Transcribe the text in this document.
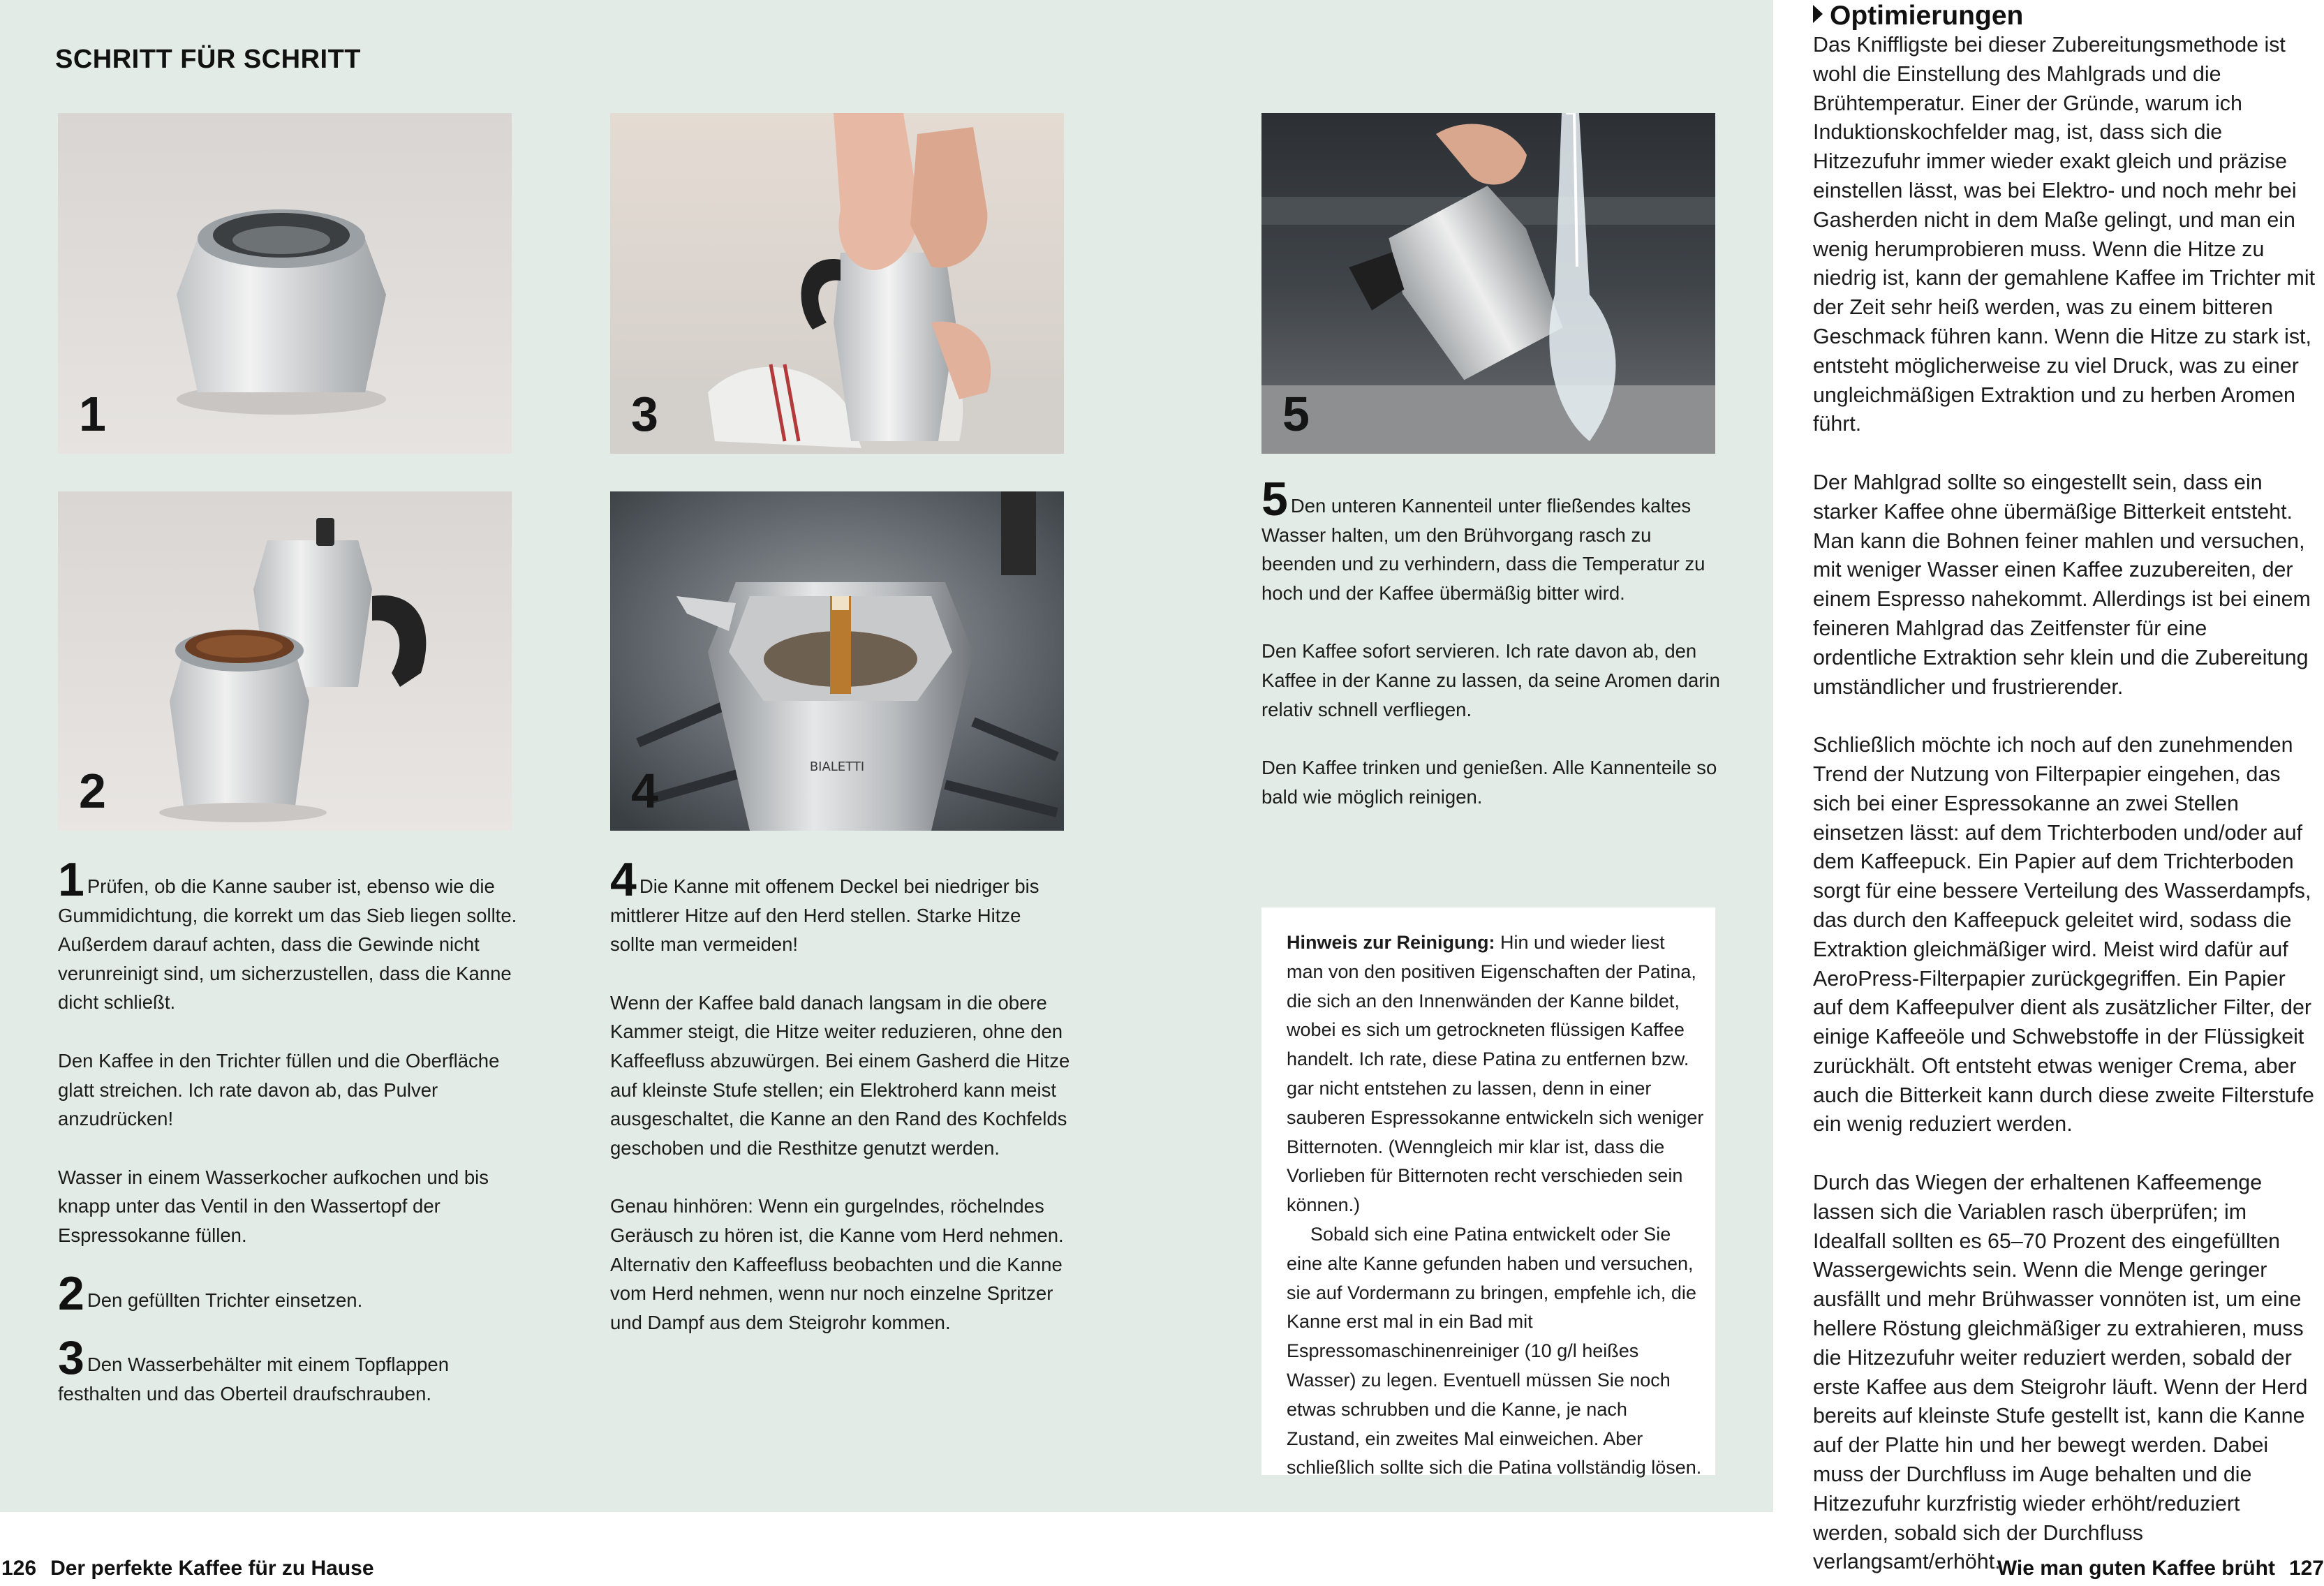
SCHRITT FÜR SCHRITT
1
2
3
BIALETTI
4
5
1 Prüfen, ob die Kanne sauber ist, ebenso wie die Gummidichtung, die korrekt um das Sieb liegen sollte. Außerdem darauf achten, dass die Gewinde nicht verunreinigt sind, um sicherzustellen, dass die Kanne dicht schließt.

Den Kaffee in den Trichter füllen und die Oberfläche glatt streichen. Ich rate davon ab, das Pulver anzudrücken!

Wasser in einem Wasserkocher aufkochen und bis knapp unter das Ventil in den Wassertopf der Espressokanne füllen.

2 Den gefüllten Trichter einsetzen.
3 Den Wasserbehälter mit einem Topflappen festhalten und das Oberteil draufschrauben.
4 Die Kanne mit offenem Deckel bei niedriger bis mittlerer Hitze auf den Herd stellen. Starke Hitze sollte man vermeiden!

Wenn der Kaffee bald danach langsam in die obere Kammer steigt, die Hitze weiter reduzieren, ohne den Kaffeefluss abzuwürgen. Bei einem Gasherd die Hitze auf kleinste Stufe stellen; ein Elektroherd kann meist ausgeschaltet, die Kanne an den Rand des Kochfelds geschoben und die Resthitze genutzt werden.

Genau hinhören: Wenn ein gurgelndes, röchelndes Geräusch zu hören ist, die Kanne vom Herd nehmen. Alternativ den Kaffeefluss beobachten und die Kanne vom Herd nehmen, wenn nur noch einzelne Spritzer und Dampf aus dem Steigrohr kommen.

5 Den unteren Kannenteil unter fließendes kaltes Wasser halten, um den Brühvorgang rasch zu beenden und zu verhindern, dass die Temperatur zu hoch und der Kaffee übermäßig bitter wird.

Den Kaffee sofort servieren. Ich rate davon ab, den Kaffee in der Kanne zu lassen, da seine Aromen darin relativ schnell verfliegen.

Den Kaffee trinken und genießen. Alle Kannenteile so bald wie möglich reinigen.

Hinweis zur Reinigung: Hin und wieder liest man von den positiven Eigenschaften der Patina, die sich an den Innenwänden der Kanne bildet, wobei es sich um getrockneten flüssigen Kaffee handelt. Ich rate, diese Patina zu entfernen bzw. gar nicht entstehen zu lassen, denn in einer sauberen Espressokanne entwickeln sich weniger Bitternoten. (Wenngleich mir klar ist, dass die Vorlieben für Bitternoten recht verschieden sein können.)
Sobald sich eine Patina entwickelt oder Sie eine alte Kanne gefunden haben und versuchen, sie auf Vordermann zu bringen, empfehle ich, die Kanne erst mal in ein Bad mit Espressomaschinenreiniger (10 g/l heißes Wasser) zu legen. Eventuell müssen Sie noch etwas schrubben und die Kanne, je nach Zustand, ein zweites Mal einweichen. Aber schließlich sollte sich die Patina vollständig lösen.
Optimierungen

Das Kniffligste bei dieser Zubereitungsmethode ist wohl die Einstellung des Mahlgrads und die Brühtemperatur. Einer der Gründe, warum ich Induktionskochfelder mag, ist, dass sich die Hitzezufuhr immer wieder exakt gleich und präzise einstellen lässt, was bei Elektro- und noch mehr bei Gasherden nicht in dem Maße gelingt, und man ein wenig herumprobieren muss. Wenn die Hitze zu niedrig ist, kann der gemahlene Kaffee im Trichter mit der Zeit sehr heiß werden, was zu einem bitteren Geschmack führen kann. Wenn die Hitze zu stark ist, entsteht möglicherweise zu viel Druck, was zu einer ungleichmäßigen Extraktion und zu herben Aromen führt.

Der Mahlgrad sollte so eingestellt sein, dass ein starker Kaffee ohne übermäßige Bitterkeit entsteht. Man kann die Bohnen feiner mahlen und versuchen, mit weniger Wasser einen Kaffee zuzubereiten, der einem Espresso nahekommt. Allerdings ist bei einem feineren Mahlgrad das Zeitfenster für eine ordentliche Extraktion sehr klein und die Zubereitung umständlicher und frustrierender.

Schließlich möchte ich noch auf den zunehmenden Trend der Nutzung von Filterpapier eingehen, das sich bei einer Espressokanne an zwei Stellen einsetzen lässt: auf dem Trichterboden und/oder auf dem Kaffeepuck. Ein Papier auf dem Trichterboden sorgt für eine bessere Verteilung des Wasserdampfs, das durch den Kaffeepuck geleitet wird, sodass die Extraktion gleichmäßiger wird. Meist wird dafür auf AeroPress-Filterpapier zurückgegriffen. Ein Papier auf dem Kaffeepulver dient als zusätzlicher Filter, der einige Kaffeeöle und Schwebstoffe in der Flüssigkeit zurückhält. Oft entsteht etwas weniger Crema, aber auch die Bitterkeit kann durch diese zweite Filterstufe ein wenig reduziert werden.

Durch das Wiegen der erhaltenen Kaffeemenge lassen sich die Variablen rasch überprüfen; im Idealfall sollten es 65–70 Prozent des eingefüllten Wassergewichts sein. Wenn die Menge geringer ausfällt und mehr Brühwasser vonnöten ist, um eine hellere Röstung gleichmäßiger zu extrahieren, muss die Hitzezufuhr weiter reduziert werden, sobald der erste Kaffee aus dem Steigrohr läuft. Wenn der Herd bereits auf kleinste Stufe gestellt ist, kann die Kanne auf der Platte hin und her bewegt werden. Dabei muss der Durchfluss im Auge behalten und die Hitzezufuhr kurzfristig wieder erhöht/reduziert werden, sobald sich der Durchfluss verlangsamt/erhöht.

126 Der perfekte Kaffee für zu Hause	Wie man guten Kaffee brüht 127
